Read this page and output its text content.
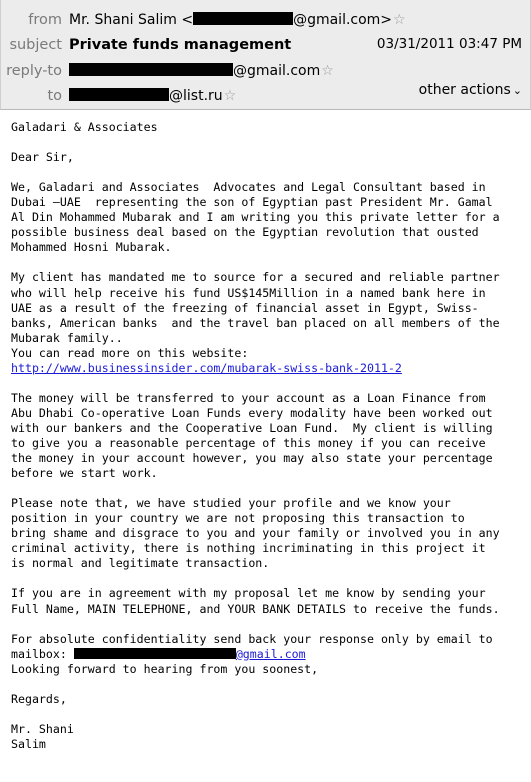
from Mr. Shani Salim <	@gmail.com>☆
subject Private funds management	03/31/2011 03:47 PM
reply-to	@gmail.com☆
to	@list.ru☆	other actions ⌄
Galadari & Associates
Dear Sir,
We, Galadari and Associates  Advocates and Legal Consultant based in
Dubai –UAE  representing the son of Egyptian past President Mr. Gamal
Al Din Mohammed Mubarak and I am writing you this private letter for a
possible business deal based on the Egyptian revolution that ousted
Mohammed Hosni Mubarak.
My client has mandated me to source for a secured and reliable partner
who will help receive his fund US$145Million in a named bank here in
UAE as a result of the freezing of financial asset in Egypt, Swiss-
banks, American banks  and the travel ban placed on all members of the
Mubarak family..
You can read more on this website:
http://www.businessinsider.com/mubarak-swiss-bank-2011-2
The money will be transferred to your account as a Loan Finance from
Abu Dhabi Co-operative Loan Funds every modality have been worked out
with our bankers and the Cooperative Loan Fund.  My client is willing
to give you a reasonable percentage of this money if you can receive
the money in your account however, you may also state your percentage
before we start work.
Please note that, we have studied your profile and we know your
position in your country we are not proposing this transaction to
bring shame and disgrace to you and your family or involved you in any
criminal activity, there is nothing incriminating in this project it
is normal and legitimate transaction.
If you are in agreement with my proposal let me know by sending your
Full Name, MAIN TELEPHONE, and YOUR BANK DETAILS to receive the funds.
For absolute confidentiality send back your response only by email to
mailbox:	@gmail.com
Looking forward to hearing from you soonest,
Regards,
Mr. Shani
Salim
